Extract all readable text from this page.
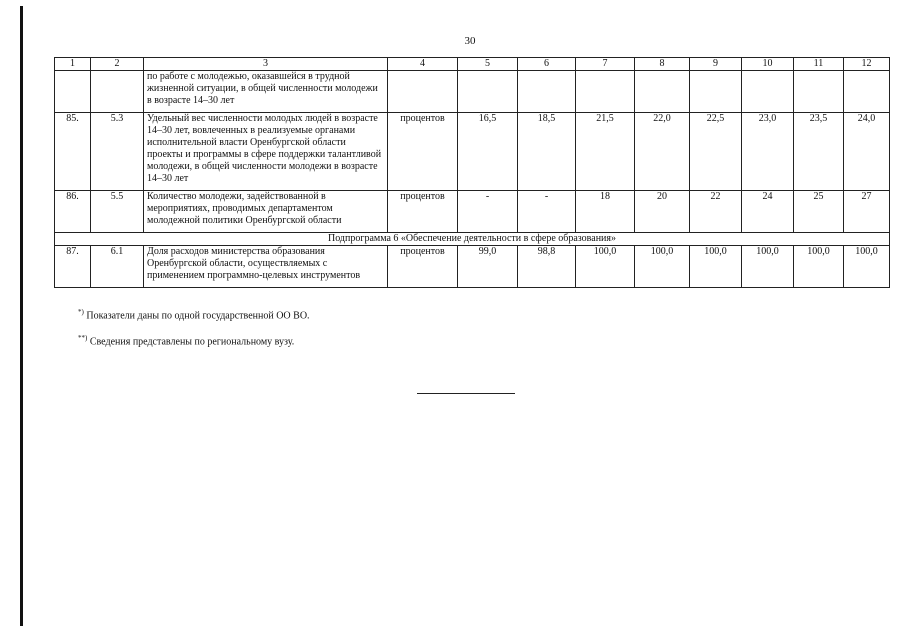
30
1	2	3	4	5	6	7	8	9	10	11	12
		по работе с молодежью, оказавшейся в трудной жизненной ситуации, в общей численности молодежи в возрасте 14–30 лет									
85.	5.3	Удельный вес численности молодых людей в возрасте 14–30 лет, вовлеченных в реализуемые органами исполнительной власти Оренбургской области проекты и программы в сфере поддержки талантливой молодежи, в общей численности молодежи в возрасте 14–30 лет	процентов	16,5	18,5	21,5	22,0	22,5	23,0	23,5	24,0
86.	5.5	Количество молодежи, задействованной в мероприятиях, проводимых департаментом молодежной политики Оренбургской области	процентов	-	-	18	20	22	24	25	27
Подпрограмма 6 «Обеспечение деятельности в сфере образования»											
87.	6.1	Доля расходов министерства образования Оренбургской области, осуществляемых с применением программно-целевых инструментов	процентов	99,0	98,8	100,0	100,0	100,0	100,0	100,0	100,0
*) Показатели даны по одной государственной ОО ВО.
**) Сведения представлены по региональному вузу.
